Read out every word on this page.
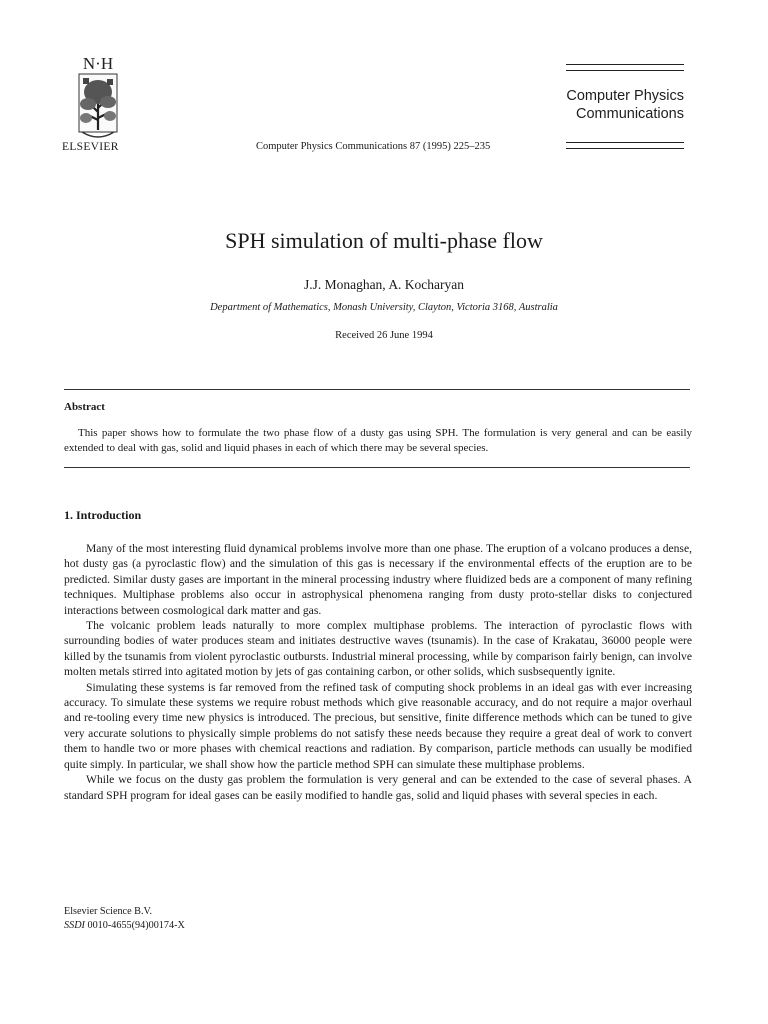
N·H
ELSEVIER	Computer Physics Communications 87 (1995) 225–235
Computer Physics
Communications
SPH simulation of multi-phase flow
J.J. Monaghan, A. Kocharyan
Department of Mathematics, Monash University, Clayton, Victoria 3168, Australia
Received 26 June 1994
Abstract
This paper shows how to formulate the two phase flow of a dusty gas using SPH. The formulation is very general and can be easily extended to deal with gas, solid and liquid phases in each of which there may be several species.
1. Introduction

Many of the most interesting fluid dynamical problems involve more than one phase. The eruption of a volcano produces a dense, hot dusty gas (a pyroclastic flow) and the simulation of this gas is necessary if the environmental effects of the eruption are to be predicted. Similar dusty gases are important in the mineral processing industry where fluidized beds are a component of many refining techniques. Multiphase problems also occur in astrophysical phenomena ranging from dusty proto-stellar disks to conjectured interactions between cosmological dark matter and gas.

The volcanic problem leads naturally to more complex multiphase problems. The interaction of pyroclastic flows with surrounding bodies of water produces steam and initiates destructive waves (tsunamis). In the case of Krakatau, 36000 people were killed by the tsunamis from violent pyroclastic outbursts. Industrial mineral processing, while by comparison fairly benign, can involve molten metals stirred into agitated motion by jets of gas containing carbon, or other solids, which susbsequently ignite.

Simulating these systems is far removed from the refined task of computing shock problems in an ideal gas with ever increasing accuracy. To simulate these systems we require robust methods which give reasonable accuracy, and do not require a major overhaul and re-tooling every time new physics is introduced. The precious, but sensitive, finite difference methods which can be tuned to give very accurate solutions to physically simple problems do not satisfy these needs because they require a great deal of work to convert them to handle two or more phases with chemical reactions and radiation. By comparison, particle methods can usually be modified quite simply. In particular, we shall show how the particle method SPH can simulate these multiphase problems.

While we focus on the dusty gas problem the formulation is very general and can be extended to the case of several phases. A standard SPH program for ideal gases can be easily modified to handle gas, solid and liquid phases with several species in each.

Elsevier Science B.V.
SSDI 0010-4655(94)00174-X
